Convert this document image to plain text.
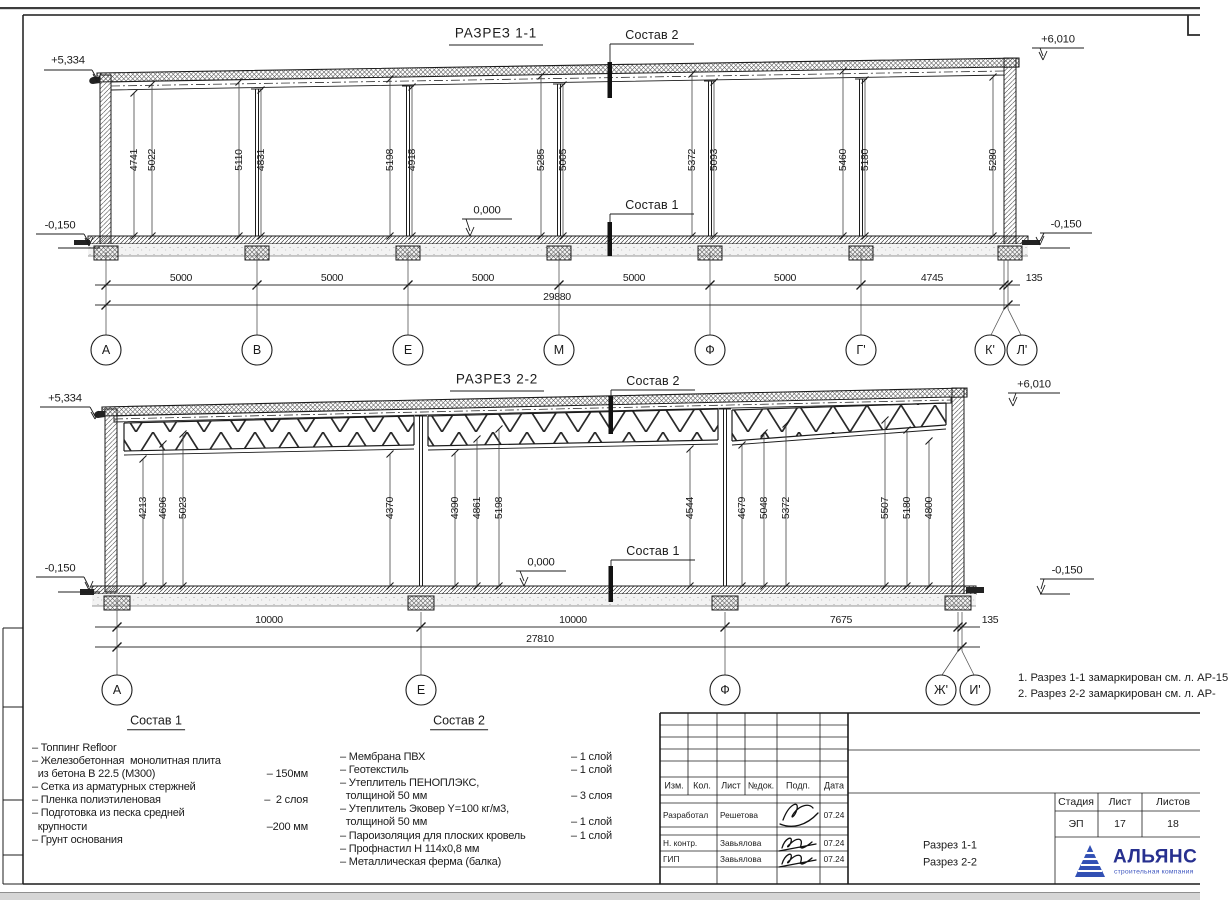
РАЗРЕЗ 1-1
+5,334
+6,010
-0,150	-0,150
0,000
Состав 2
Состав 1
4741 5022	5110 4831	5198 4918	5285 5005	5372 5093	5460 5180	5280
5000	5000	5000	5000	5000	4745	135
29880
А	В	Е	М	Ф	Г'	К' Л'
РАЗРЕЗ 2-2
+5,334
+6,010
-0,150	-0,150
0,000
Состав 2
Состав 1
4213 4696 5023	4370	4390 4861 5198	4544	4679 5048 5372	5507 5180 4800
10000	10000	7675	135
27810
А	Е	Ф	Ж' И'
1. Разрез 1-1 замаркирован см. л. АР-15
2. Разрез 2-2 замаркирован см. л. АР-
Состав 1
– Топпинг Refloor
– Железобетонная  монолитная плита
из бетона В 22.5 (М300)	– 150мм
– Сетка из арматурных стержней
– Пленка полиэтиленовая	–  2 слоя
– Подготовка из песка средней
крупности	–200 мм
– Грунт основания
Состав 2
– Мембрана ПВХ	– 1 слой
– Геотекстиль	– 1 слой
– Утеплитель ПЕНОПЛЭКС,
толщиной 50 мм	– 3 слоя
– Утеплитель Эковер Y=100 кг/м3,
толщиной 50 мм	– 1 слой
– Пароизоляция для плоских кровель	– 1 слой
– Профнастил Н 114х0,8 мм
– Металлическая ферма (балка)
Изм. Кол. Лист №док. Подп. Дата
Разработал Решетова	07.24
Н. контр.	Завьялова	07.24
ГИП	Завьялова	07.24
Стадия Лист Листов
ЭП	17	18
Разрез 1-1
Разрез 2-2	АЛЬЯНС
строительная компания
